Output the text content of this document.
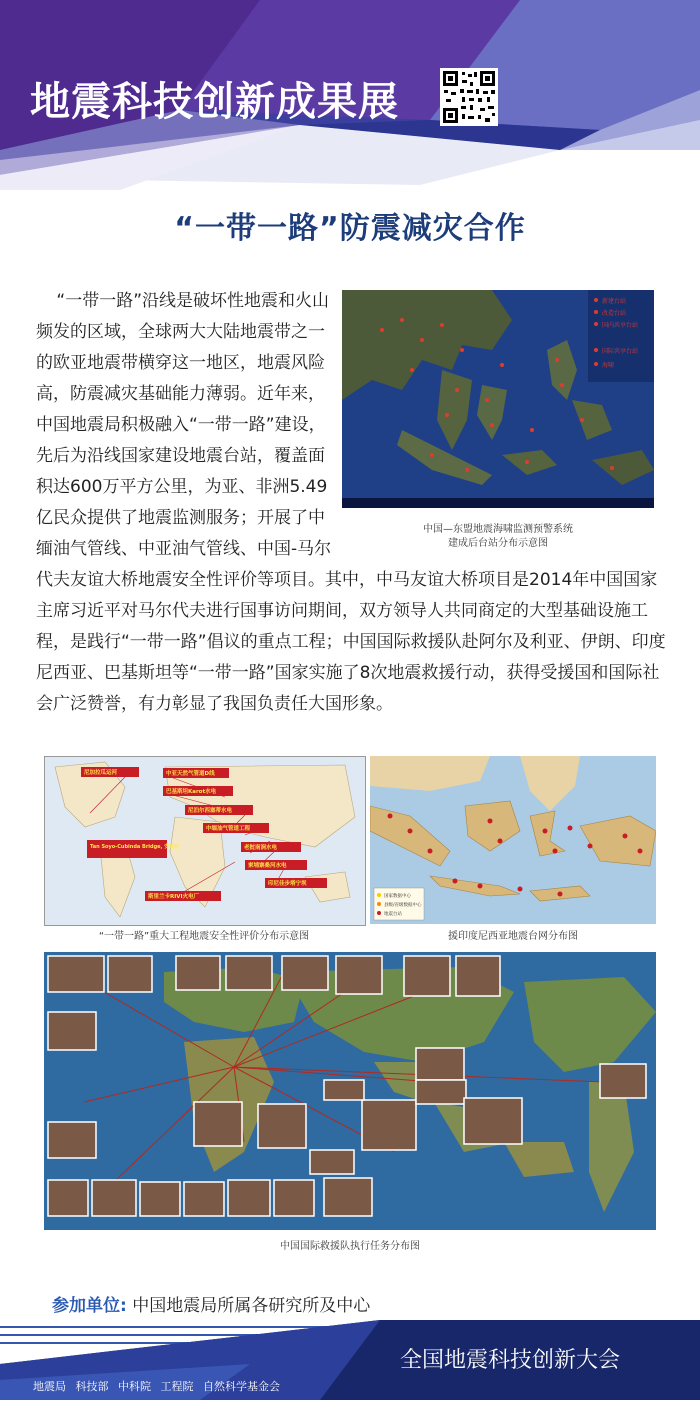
地震科技创新成果展
“一带一路”防震减灾合作
新建台站
改造台站
国内共享台站
国际共享台站
海啸
中国—东盟地震海啸监测预警系统
建成后台站分布示意图
“一带一路”沿线是破坏性地震和火山频发的区域，全球两大大陆地震带之一的欧亚地震带横穿这一地区，地震风险高，防震减灾基础能力薄弱。近年来，中国地震局积极融入“一带一路”建设，先后为沿线国家建设地震台站，覆盖面积达600万平方公里，为亚、非洲5.49亿民众提供了地震监测服务；开展了中缅油气管线、中亚油气管线、中国-马尔代夫友谊大桥地震安全性评价等项目。其中，中马友谊大桥项目是2014年中国国家主席习近平对马尔代夫进行国事访问期间，双方领导人共同商定的大型基础设施工程，是践行“一带一路”倡议的重点工程；中国国际救援队赴阿尔及利亚、伊朗、印度尼西亚、巴基斯坦等“一带一路”国家实施了8次地震救援行动，获得受援国和国际社会广泛赞誉，有力彰显了我国负责任大国形象。
中亚天然气管道D线
巴基斯坦Karot水电
尼泊尔西塞蒂水电
中缅油气管道工程
老挝南涧水电
柬埔寨桑河水电
印尼佳步塔宁坝
斯里兰卡RIVI火电厂
尼加拉瓜运河
Tan Soyo-Cubinda Bridge, 安哥拉
“一带一路”重大工程地震安全性评价分布示意图
国家数据中心
县级/省级数据中心
地震台站
援印度尼西亚地震台网分布图
中国国际救援队执行任务分布图
参加单位: 中国地震局所属各研究所及中心
全国地震科技创新大会
地震局 科技部 中科院 工程院 自然科学基金会
